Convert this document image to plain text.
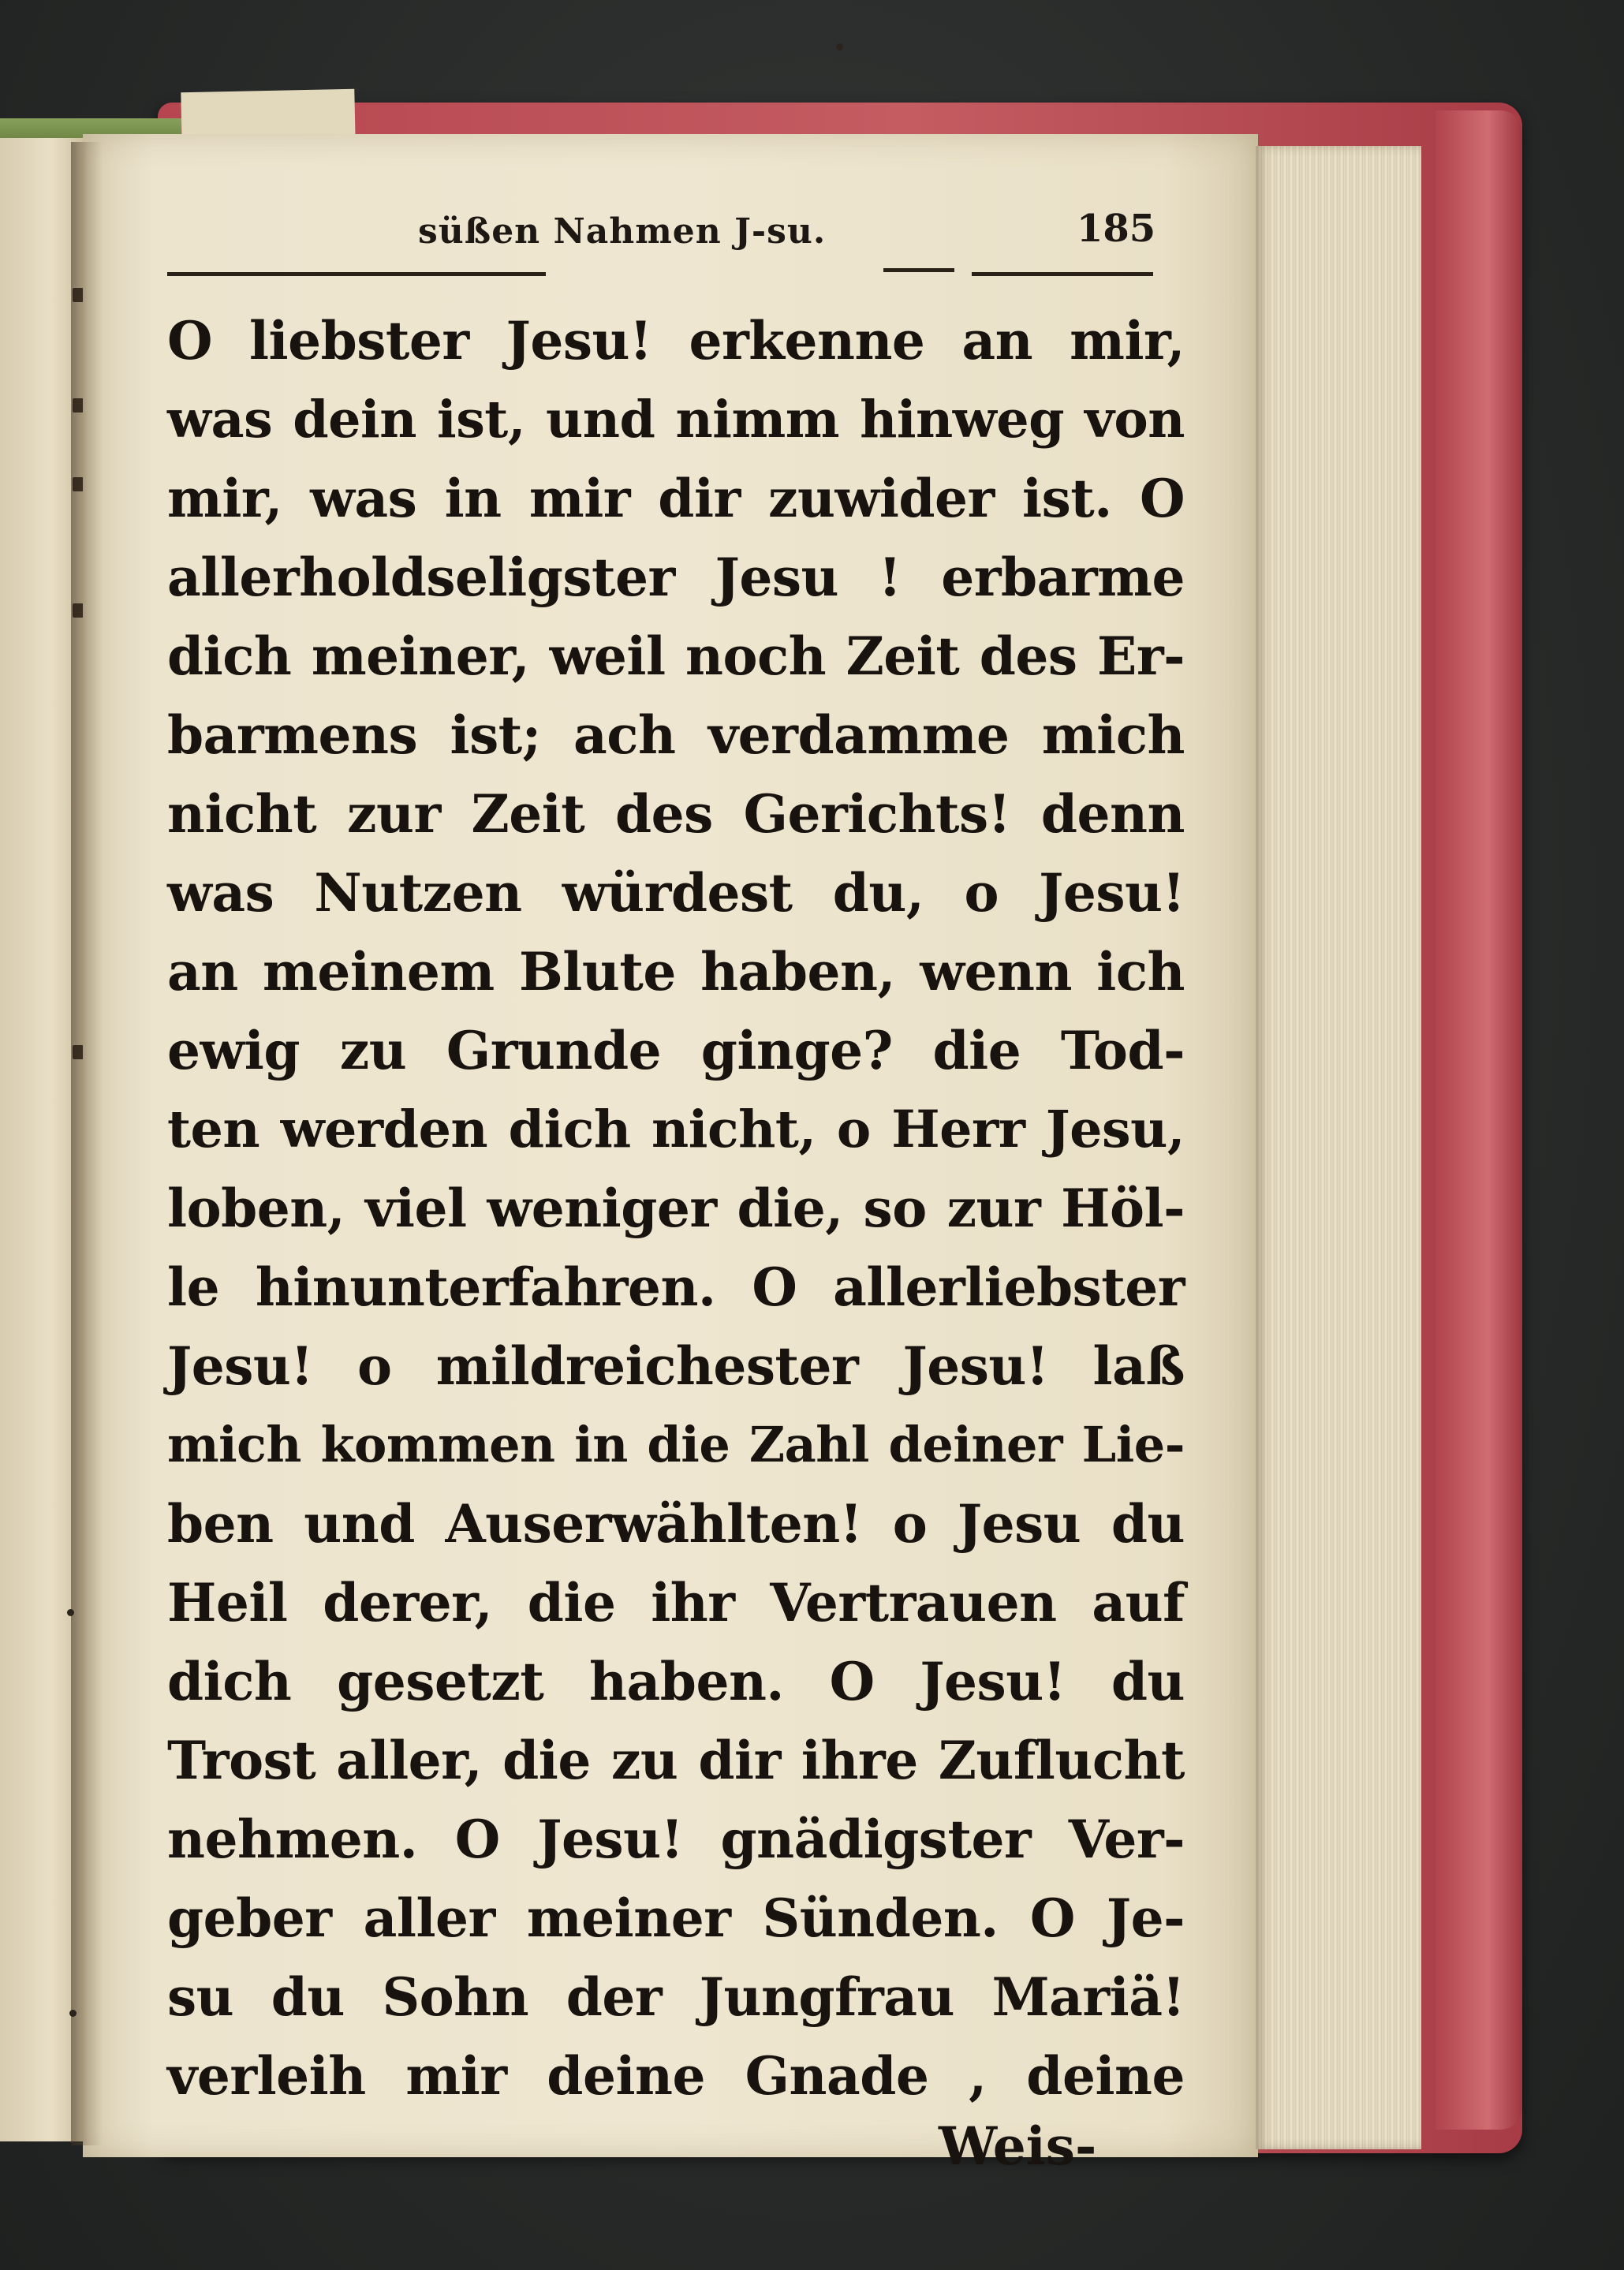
süßen Nahmen J-su.	185
O liebster Jesu! erkenne an mir,
was dein ist, und nimm hinweg von
mir, was in mir dir zuwider ist. O
allerholdseligster Jesu ! erbarme
dich meiner, weil noch Zeit des Er-
barmens ist; ach verdamme mich
nicht zur Zeit des Gerichts! denn
was Nutzen würdest du, o Jesu!
an meinem Blute haben, wenn ich
ewig zu Grunde ginge? die Tod-
ten werden dich nicht, o Herr Jesu,
loben, viel weniger die, so zur Höl-
le hinunterfahren. O allerliebster
Jesu! o mildreichester Jesu! laß
mich kommen in die Zahl deiner Lie-
ben und Auserwählten! o Jesu du
Heil derer, die ihr Vertrauen auf
dich gesetzt haben. O Jesu! du
Trost aller, die zu dir ihre Zuflucht
nehmen. O Jesu! gnädigster Ver-
geber aller meiner Sünden. O Je-
su du Sohn der Jungfrau Mariä!
verleih mir deine Gnade , deine
Weis-
